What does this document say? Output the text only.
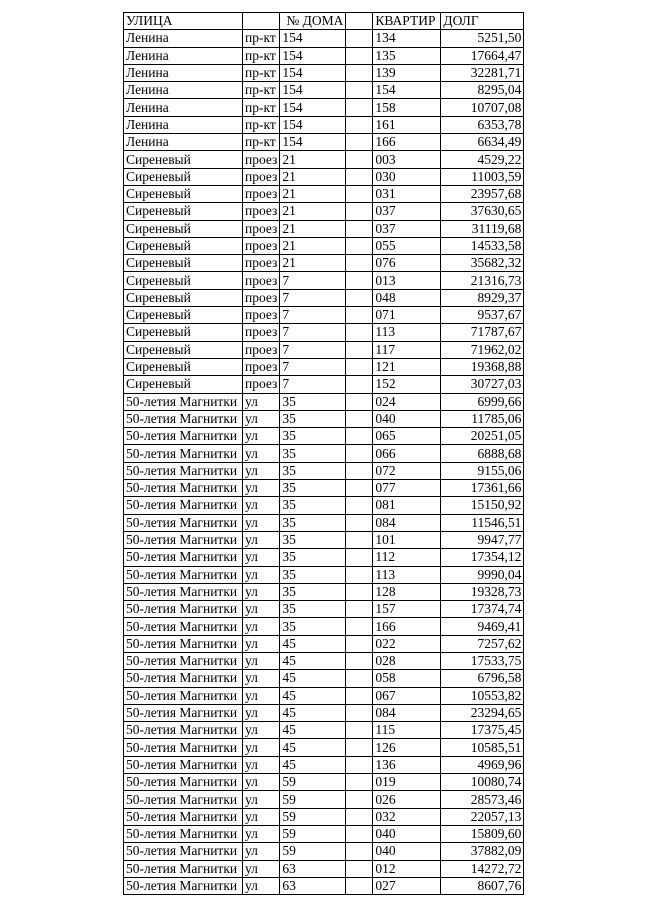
УЛИЦА		№ ДОМА		КВАРТИР	ДОЛГ
Ленина	пр-кт	154		134	5251,50
Ленина	пр-кт	154		135	17664,47
Ленина	пр-кт	154		139	32281,71
Ленина	пр-кт	154		154	8295,04
Ленина	пр-кт	154		158	10707,08
Ленина	пр-кт	154		161	6353,78
Ленина	пр-кт	154		166	6634,49
Сиреневый	проез	21		003	4529,22
Сиреневый	проез	21		030	11003,59
Сиреневый	проез	21		031	23957,68
Сиреневый	проез	21		037	37630,65
Сиреневый	проез	21		037	31119,68
Сиреневый	проез	21		055	14533,58
Сиреневый	проез	21		076	35682,32
Сиреневый	проез	7		013	21316,73
Сиреневый	проез	7		048	8929,37
Сиреневый	проез	7		071	9537,67
Сиреневый	проез	7		113	71787,67
Сиреневый	проез	7		117	71962,02
Сиреневый	проез	7		121	19368,88
Сиреневый	проез	7		152	30727,03
50-летия Магнитки	ул	35		024	6999,66
50-летия Магнитки	ул	35		040	11785,06
50-летия Магнитки	ул	35		065	20251,05
50-летия Магнитки	ул	35		066	6888,68
50-летия Магнитки	ул	35		072	9155,06
50-летия Магнитки	ул	35		077	17361,66
50-летия Магнитки	ул	35		081	15150,92
50-летия Магнитки	ул	35		084	11546,51
50-летия Магнитки	ул	35		101	9947,77
50-летия Магнитки	ул	35		112	17354,12
50-летия Магнитки	ул	35		113	9990,04
50-летия Магнитки	ул	35		128	19328,73
50-летия Магнитки	ул	35		157	17374,74
50-летия Магнитки	ул	35		166	9469,41
50-летия Магнитки	ул	45		022	7257,62
50-летия Магнитки	ул	45		028	17533,75
50-летия Магнитки	ул	45		058	6796,58
50-летия Магнитки	ул	45		067	10553,82
50-летия Магнитки	ул	45		084	23294,65
50-летия Магнитки	ул	45		115	17375,45
50-летия Магнитки	ул	45		126	10585,51
50-летия Магнитки	ул	45		136	4969,96
50-летия Магнитки	ул	59		019	10080,74
50-летия Магнитки	ул	59		026	28573,46
50-летия Магнитки	ул	59		032	22057,13
50-летия Магнитки	ул	59		040	15809,60
50-летия Магнитки	ул	59		040	37882,09
50-летия Магнитки	ул	63		012	14272,72
50-летия Магнитки	ул	63		027	8607,76
